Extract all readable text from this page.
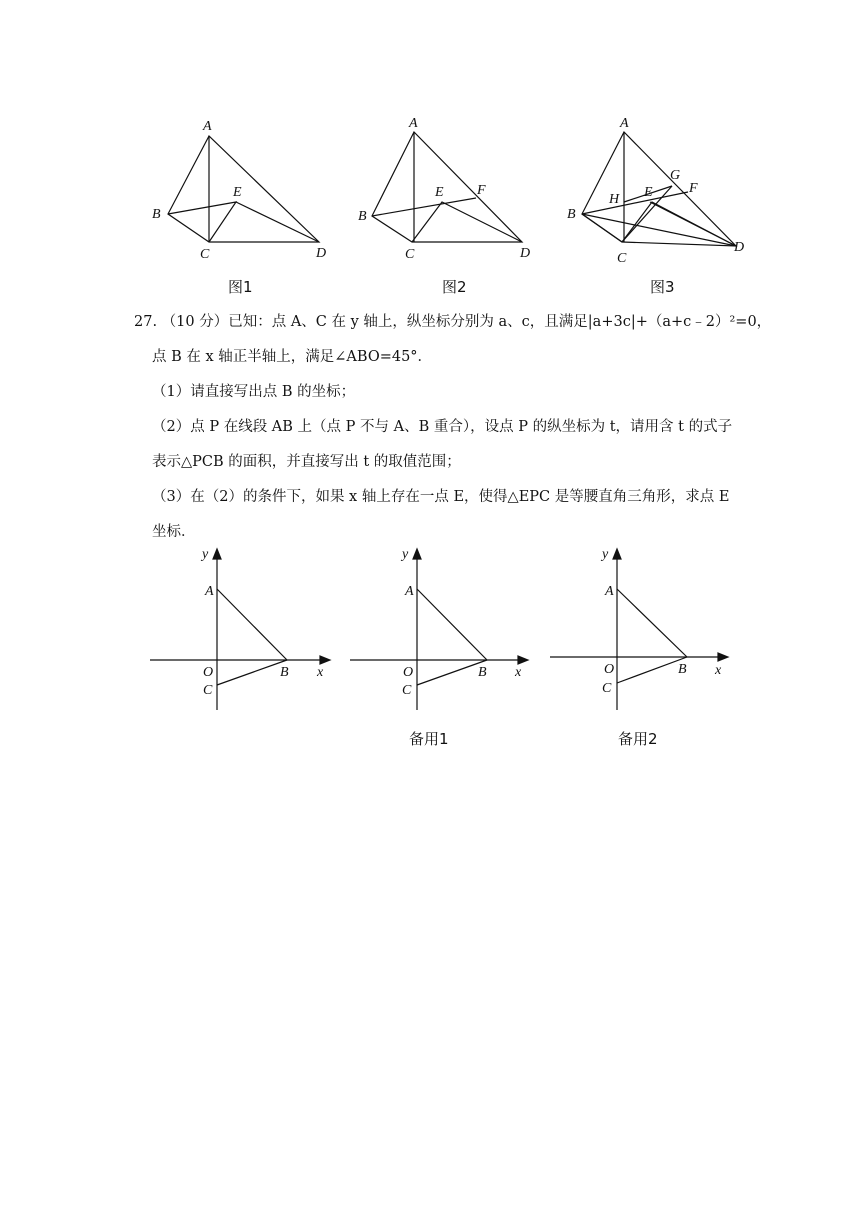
A
B
C	D
E
图1
A
B
C	D
E F
图2
A
B
C
D
E	F
G
H
图3
27. （10 分）已知：点 A、C 在 y 轴上，纵坐标分别为 a、c，且满足|a+3c|+（a+c﹣2）²=0，
点 B 在 x 轴正半轴上，满足∠ABO=45°．
（1）请直接写出点 B 的坐标；
（2）点 P 在线段 AB 上（点 P 不与 A、B 重合），设点 P 的纵坐标为 t，请用含 t 的式子
表示△PCB 的面积，并直接写出 t 的取值范围；
（3）在（2）的条件下，如果 x 轴上存在一点 E，使得△EPC 是等腰直角三角形，求点 E
坐标．
y
x
A
O	B
C
y
x
A
O	B
C
备用1
y
x
A
O	B
C
备用2
